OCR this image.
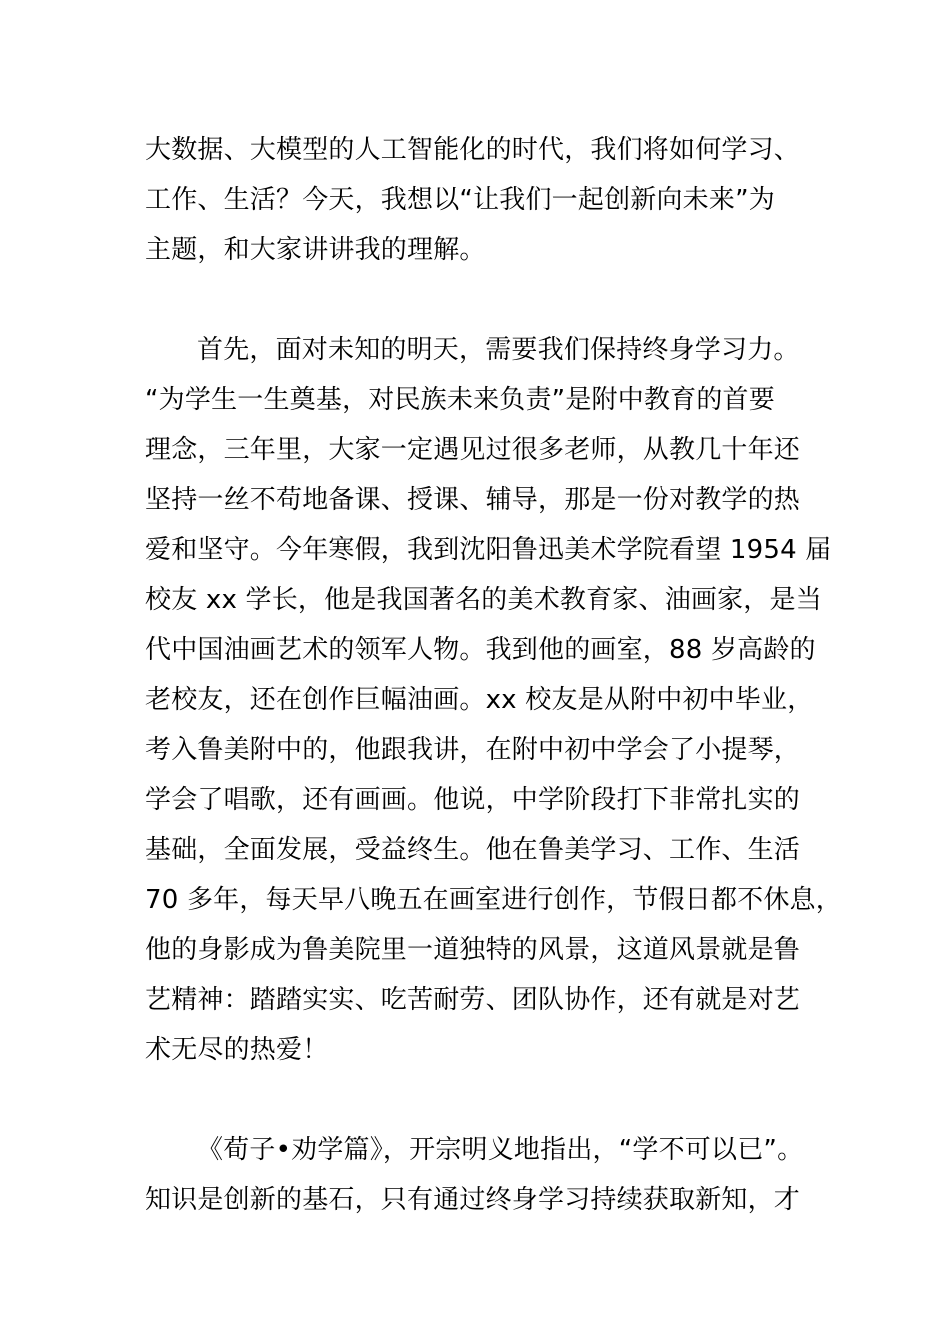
大数据、大模型的人工智能化的时代，我们将如何学习、
工作、生活？今天，我想以“让我们一起创新向未来”为
主题，和大家讲讲我的理解。
首先，面对未知的明天，需要我们保持终身学习力。
“为学生一生奠基，对民族未来负责”是附中教育的首要
理念，三年里，大家一定遇见过很多老师，从教几十年还
坚持一丝不苟地备课、授课、辅导，那是一份对教学的热
爱和坚守。今年寒假，我到沈阳鲁迅美术学院看望 1954 届
校友 xx 学长，他是我国著名的美术教育家、油画家，是当
代中国油画艺术的领军人物。我到他的画室，88 岁高龄的
老校友，还在创作巨幅油画。xx 校友是从附中初中毕业，
考入鲁美附中的，他跟我讲，在附中初中学会了小提琴，
学会了唱歌，还有画画。他说，中学阶段打下非常扎实的
基础，全面发展，受益终生。他在鲁美学习、工作、生活
70 多年，每天早八晚五在画室进行创作，节假日都不休息，
他的身影成为鲁美院里一道独特的风景，这道风景就是鲁
艺精神：踏踏实实、吃苦耐劳、团队协作，还有就是对艺
术无尽的热爱！
《荀子•劝学篇》，开宗明义地指出，“学不可以已”。
知识是创新的基石，只有通过终身学习持续获取新知，才
